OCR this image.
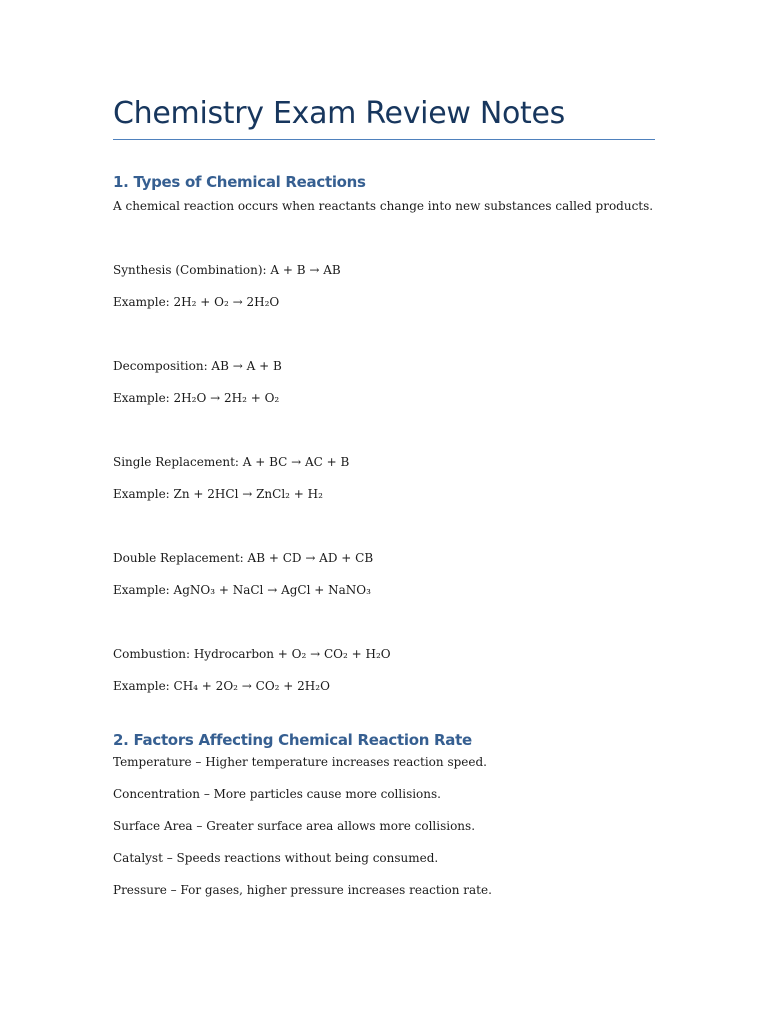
Chemistry Exam Review Notes
1. Types of Chemical Reactions

A chemical reaction occurs when reactants change into new substances called products.

Synthesis (Combination): A + B → AB

Example: 2H₂ + O₂ → 2H₂O

Decomposition: AB → A + B

Example: 2H₂O → 2H₂ + O₂

Single Replacement: A + BC → AC + B

Example: Zn + 2HCl → ZnCl₂ + H₂

Double Replacement: AB + CD → AD + CB

Example: AgNO₃ + NaCl → AgCl + NaNO₃

Combustion: Hydrocarbon + O₂ → CO₂ + H₂O

Example: CH₄ + 2O₂ → CO₂ + 2H₂O

2. Factors Affecting Chemical Reaction Rate

Temperature – Higher temperature increases reaction speed.

Concentration – More particles cause more collisions.

Surface Area – Greater surface area allows more collisions.

Catalyst – Speeds reactions without being consumed.

Pressure – For gases, higher pressure increases reaction rate.
